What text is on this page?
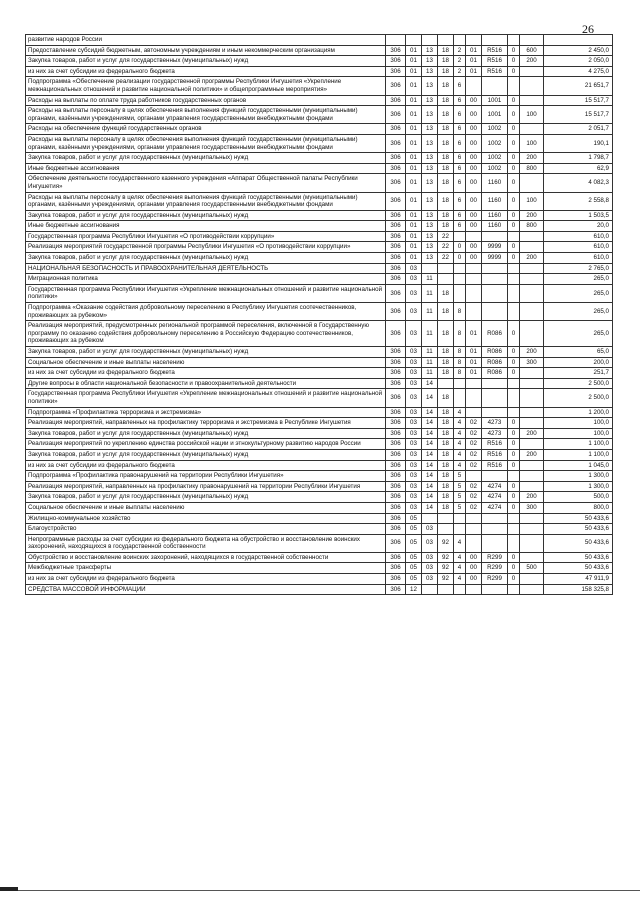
26
развитие народов России										
Предоставление субсидий бюджетным, автономным учреждениям и иным некоммерческим организациям	306	01	13	18	2	01	R516	0	600	2 450,0
Закупка товаров, работ и услуг для государственных (муниципальных) нужд	306	01	13	18	2	01	R516	0	200	2 050,0
из них за счет субсидии из федерального бюджета	306	01	13	18	2	01	R516	0		4 275,0
Подпрограмма «Обеспечение реализации государственной программы Республики Ингушетия «Укрепление межнациональных отношений и развитие национальной политики» и общепрограммные мероприятия»	306	01	13	18	6					21 651,7
Расходы на выплаты по оплате труда работников государственных органов	306	01	13	18	6	00	1001	0		15 517,7
Расходы на выплаты персоналу в целях обеспечения выполнения функций государственными (муниципальными) органами, казёнными учреждениями, органами управления государственными внебюджетными фондами	306	01	13	18	6	00	1001	0	100	15 517,7
Расходы на обеспечение функций государственных органов	306	01	13	18	6	00	1002	0		2 051,7
Расходы на выплаты персоналу в целях обеспечения выполнения функций государственными (муниципальными) органами, казёнными учреждениями, органами управления государственными внебюджетными фондами	306	01	13	18	6	00	1002	0	100	190,1
Закупка товаров, работ и услуг для государственных (муниципальных) нужд	306	01	13	18	6	00	1002	0	200	1 798,7
Иные бюджетные ассигнования	306	01	13	18	6	00	1002	0	800	62,9
Обеспечение деятельности государственного казенного учреждения «Аппарат Общественной палаты Республики Ингушетия»	306	01	13	18	6	00	1160	0		4 082,3
Расходы на выплаты персоналу в целях обеспечения выполнения функций государственными (муниципальными) органами, казёнными учреждениями, органами управления государственными внебюджетными фондами	306	01	13	18	6	00	1160	0	100	2 558,8
Закупка товаров, работ и услуг для государственных (муниципальных) нужд	306	01	13	18	6	00	1160	0	200	1 503,5
Иные бюджетные ассигнования	306	01	13	18	6	00	1160	0	800	20,0
Государственная программа Республики Ингушетия «О противодействии коррупции»	306	01	13	22						610,0
Реализация мероприятий государственной программы Республики Ингушетия «О противодействии коррупции»	306	01	13	22	0	00	9999	0		610,0
Закупка товаров, работ и услуг для государственных (муниципальных) нужд	306	01	13	22	0	00	9999	0	200	610,0
НАЦИОНАЛЬНАЯ БЕЗОПАСНОСТЬ И ПРАВООХРАНИТЕЛЬНАЯ ДЕЯТЕЛЬНОСТЬ	306	03								2 765,0
Миграционная политика	306	03	11							265,0
Государственная программа Республики Ингушетия «Укрепление межнациональных отношений и развитие национальной политики»	306	03	11	18						265,0
Подпрограмма «Оказание содействия добровольному переселению в Республику Ингушетия соотечественников, проживающих за рубежом»	306	03	11	18	8					265,0
Реализация мероприятий, предусмотренных региональной программой переселения, включенной в Государственную программу по оказанию содействия добровольному переселению в Российскую Федерацию соотечественников, проживающих за рубежом	306	03	11	18	8	01	R086	0		265,0
Закупка товаров, работ и услуг для государственных (муниципальных) нужд	306	03	11	18	8	01	R086	0	200	65,0
Социальное обеспечение и иные выплаты населению	306	03	11	18	8	01	R086	0	300	200,0
из них за счет субсидии из федерального бюджета	306	03	11	18	8	01	R086	0		251,7
Другие вопросы в области национальной безопасности и правоохранительной деятельности	306	03	14							2 500,0
Государственная программа Республики Ингушетия «Укрепление межнациональных отношений и развитие национальной политики»	306	03	14	18						2 500,0
Подпрограмма «Профилактика терроризма и экстремизма»	306	03	14	18	4					1 200,0
Реализация мероприятий, направленных на профилактику терроризма и экстремизма в Республике Ингушетия	306	03	14	18	4	02	4273	0		100,0
Закупка товаров, работ и услуг для государственных (муниципальных) нужд	306	03	14	18	4	02	4273	0	200	100,0
Реализация мероприятий по укреплению единства российской нации и этнокультурному развитию народов России	306	03	14	18	4	02	R516	0		1 100,0
Закупка товаров, работ и услуг для государственных (муниципальных) нужд	306	03	14	18	4	02	R516	0	200	1 100,0
из них за счет субсидии из федерального бюджета	306	03	14	18	4	02	R516	0		1 045,0
Подпрограмма «Профилактика правонарушений на территории Республики Ингушетия»	306	03	14	18	5					1 300,0
Реализация мероприятий, направленных на профилактику правонарушений на территории Республики Ингушетия	306	03	14	18	5	02	4274	0		1 300,0
Закупка товаров, работ и услуг для государственных (муниципальных) нужд	306	03	14	18	5	02	4274	0	200	500,0
Социальное обеспечение и иные выплаты населению	306	03	14	18	5	02	4274	0	300	800,0
Жилищно-коммунальное хозяйство	306	05								50 433,6
Благоустройство	306	05	03							50 433,6
Непрограммные расходы за счет субсидии из федерального бюджета на обустройство и восстановление воинских захоронений, находящихся в государственной собственности	306	05	03	92	4					50 433,6
Обустройство и восстановление воинских захоронений, находящихся в государственной собственности	306	05	03	92	4	00	R299	0		50 433,6
Межбюджетные трансферты	306	05	03	92	4	00	R299	0	500	50 433,6
из них за счет субсидии из федерального бюджета	306	05	03	92	4	00	R299	0		47 911,9
СРЕДСТВА МАССОВОЙ ИНФОРМАЦИИ	306	12								158 325,8
